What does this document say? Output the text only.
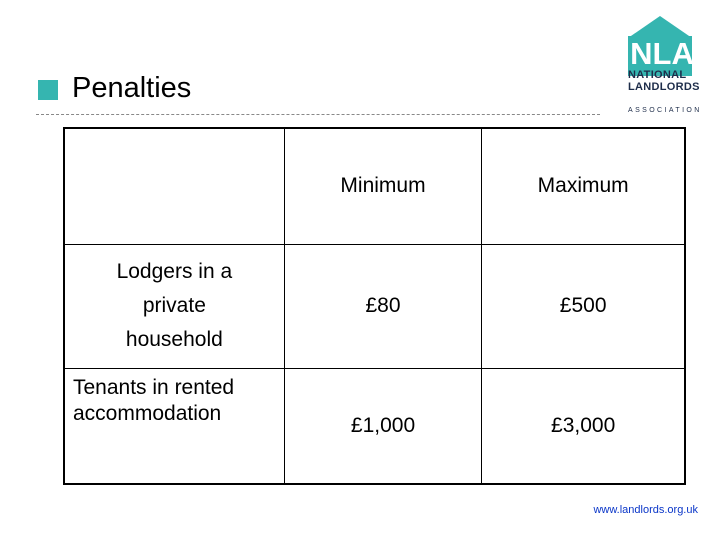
Penalties
NLA
NATIONAL
LANDLORDS
ASSOCIATION
	Minimum	Maximum
Lodgers in a private household	£80	£500
Tenants in rented accommodation	£1,000	£3,000
www.landlords.org.uk
